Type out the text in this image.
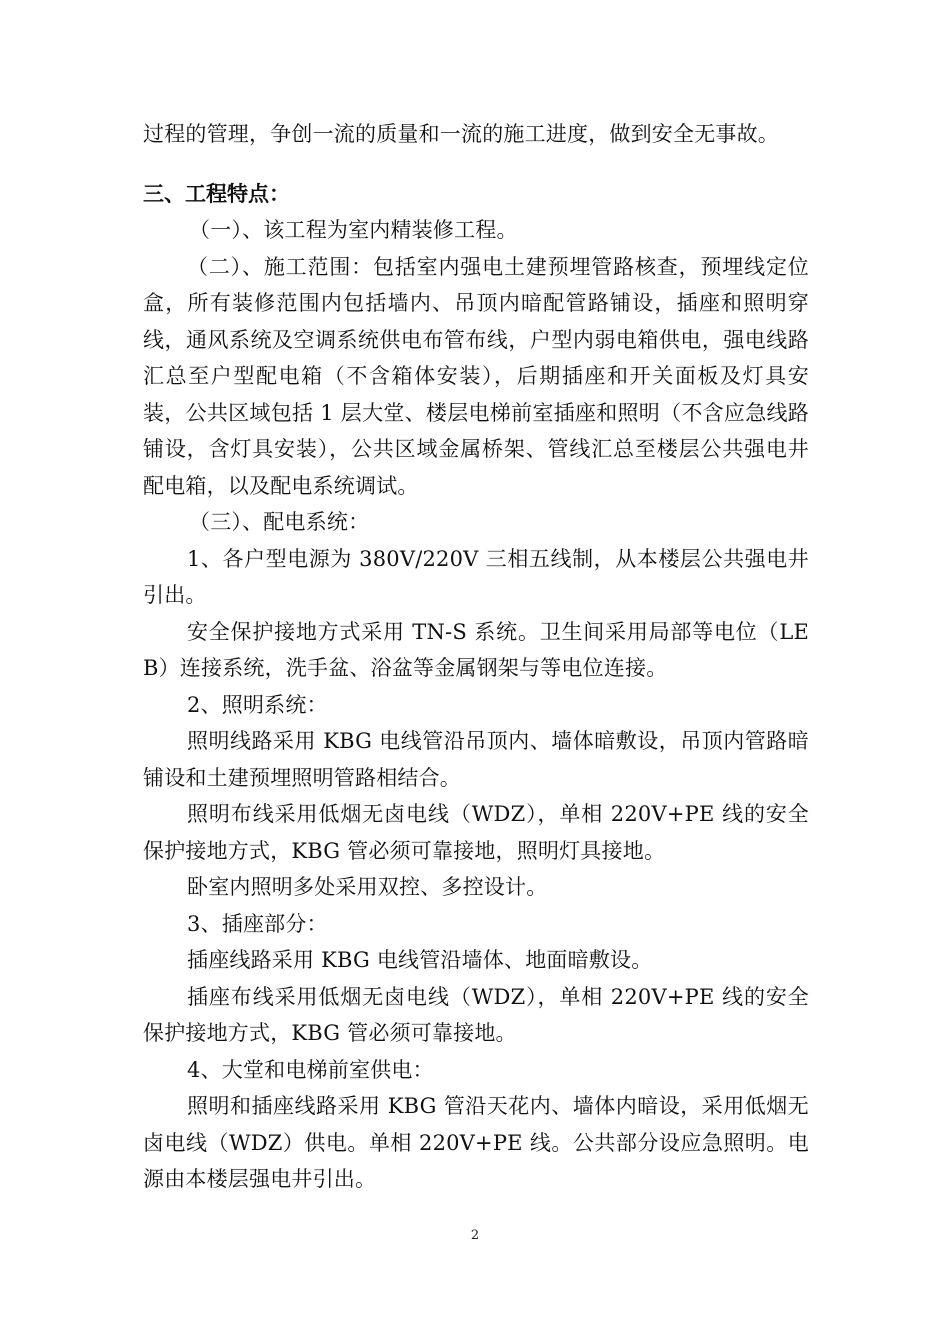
过程的管理，争创一流的质量和一流的施工进度，做到安全无事故。

三、工程特点：

（一）、该工程为室内精装修工程。

（二）、施工范围：包括室内强电土建预埋管路核查，预埋线定位盒，所有装修范围内包括墙内、吊顶内暗配管路铺设，插座和照明穿线，通风系统及空调系统供电布管布线，户型内弱电箱供电，强电线路汇总至户型配电箱（不含箱体安装），后期插座和开关面板及灯具安装，公共区域包括 1 层大堂、楼层电梯前室插座和照明（不含应急线路铺设，含灯具安装），公共区域金属桥架、管线汇总至楼层公共强电井配电箱，以及配电系统调试。

（三）、配电系统：

1、各户型电源为 380V/220V 三相五线制，从本楼层公共强电井引出。

安全保护接地方式采用 TN-S 系统。卫生间采用局部等电位（LEB）连接系统，洗手盆、浴盆等金属钢架与等电位连接。

2、照明系统：

照明线路采用 KBG 电线管沿吊顶内、墙体暗敷设，吊顶内管路暗铺设和土建预埋照明管路相结合。

照明布线采用低烟无卤电线（WDZ），单相 220V+PE 线的安全保护接地方式，KBG 管必须可靠接地，照明灯具接地。

卧室内照明多处采用双控、多控设计。

3、插座部分：

插座线路采用 KBG 电线管沿墙体、地面暗敷设。

插座布线采用低烟无卤电线（WDZ），单相 220V+PE 线的安全保护接地方式，KBG 管必须可靠接地。

4、大堂和电梯前室供电：

照明和插座线路采用 KBG 管沿天花内、墙体内暗设，采用低烟无卤电线（WDZ）供电。单相 220V+PE 线。公共部分设应急照明。电源由本楼层强电井引出。

2
